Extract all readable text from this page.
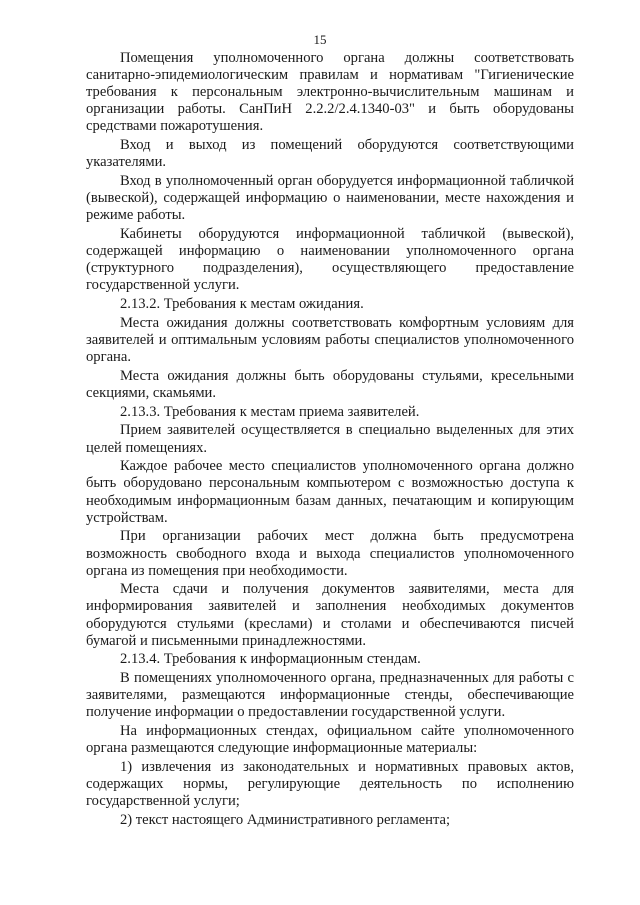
15

Помещения уполномоченного органа должны соответствовать санитарно-эпидемиологическим правилам и нормативам "Гигиенические требования к персональным электронно-вычислительным машинам и организации работы. СанПиН 2.2.2/2.4.1340-03" и быть оборудованы средствами пожаротушения.

Вход и выход из помещений оборудуются соответствующими указателями.

Вход в уполномоченный орган оборудуется информационной табличкой (вывеской), содержащей информацию о наименовании, месте нахождения и режиме работы.

Кабинеты оборудуются информационной табличкой (вывеской), содержащей информацию о наименовании уполномоченного органа (структурного подразделения), осуществляющего предоставление государственной услуги.

2.13.2. Требования к местам ожидания.

Места ожидания должны соответствовать комфортным условиям для заявителей и оптимальным условиям работы специалистов уполномоченного органа.

Места ожидания должны быть оборудованы стульями, кресельными секциями, скамьями.

2.13.3. Требования к местам приема заявителей.

Прием заявителей осуществляется в специально выделенных для этих целей помещениях.

Каждое рабочее место специалистов уполномоченного органа должно быть оборудовано персональным компьютером с возможностью доступа к необходимым информационным базам данных, печатающим и копирующим устройствам.

При организации рабочих мест должна быть предусмотрена возможность свободного входа и выхода специалистов уполномоченного органа из помещения при необходимости.

Места сдачи и получения документов заявителями, места для информирования заявителей и заполнения необходимых документов оборудуются стульями (креслами) и столами и обеспечиваются писчей бумагой и письменными принадлежностями.

2.13.4. Требования к информационным стендам.

В помещениях уполномоченного органа, предназначенных для работы с заявителями, размещаются информационные стенды, обеспечивающие получение информации о предоставлении государственной услуги.

На информационных стендах, официальном сайте уполномоченного органа размещаются следующие информационные материалы:

1) извлечения из законодательных и нормативных правовых актов, содержащих нормы, регулирующие деятельность по исполнению государственной услуги;

2) текст настоящего Административного регламента;
